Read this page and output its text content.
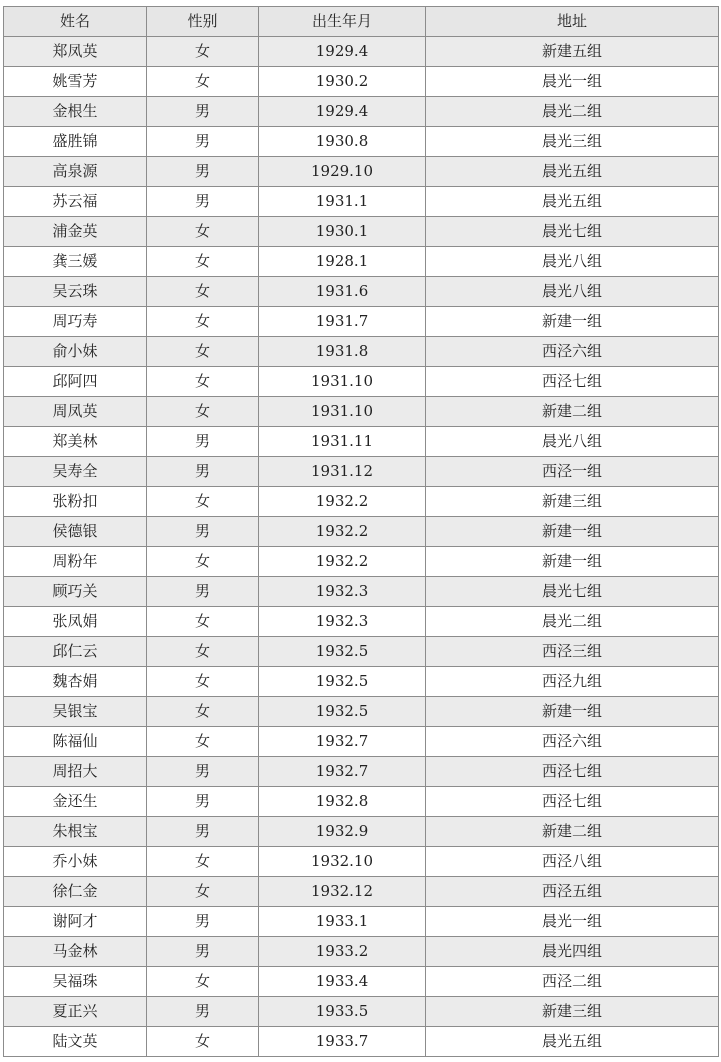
姓名	性别	出生年月	地址
郑凤英	女	1929.4	新建五组
姚雪芳	女	1930.2	晨光一组
金根生	男	1929.4	晨光二组
盛胜锦	男	1930.8	晨光三组
高泉源	男	1929.10	晨光五组
苏云福	男	1931.1	晨光五组
浦金英	女	1930.1	晨光七组
龚三媛	女	1928.1	晨光八组
吴云珠	女	1931.6	晨光八组
周巧寿	女	1931.7	新建一组
俞小妹	女	1931.8	西泾六组
邱阿四	女	1931.10	西泾七组
周凤英	女	1931.10	新建二组
郑美林	男	1931.11	晨光八组
吴寿全	男	1931.12	西泾一组
张粉扣	女	1932.2	新建三组
侯德银	男	1932.2	新建一组
周粉年	女	1932.2	新建一组
顾巧关	男	1932.3	晨光七组
张凤娟	女	1932.3	晨光二组
邱仁云	女	1932.5	西泾三组
魏杏娟	女	1932.5	西泾九组
吴银宝	女	1932.5	新建一组
陈福仙	女	1932.7	西泾六组
周招大	男	1932.7	西泾七组
金还生	男	1932.8	西泾七组
朱根宝	男	1932.9	新建二组
乔小妹	女	1932.10	西泾八组
徐仁金	女	1932.12	西泾五组
谢阿才	男	1933.1	晨光一组
马金林	男	1933.2	晨光四组
吴福珠	女	1933.4	西泾二组
夏正兴	男	1933.5	新建三组
陆文英	女	1933.7	晨光五组
